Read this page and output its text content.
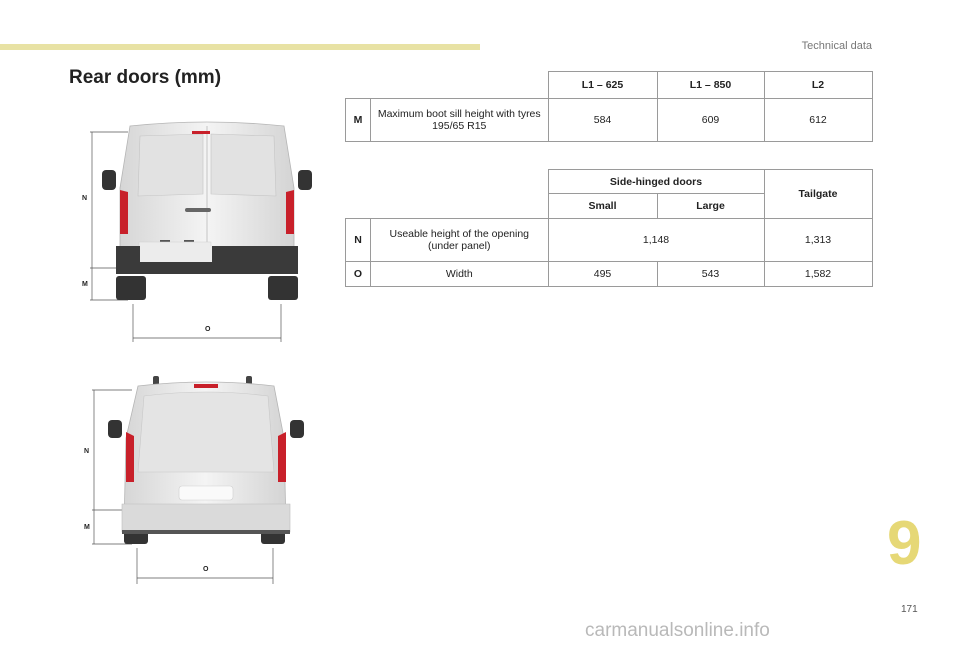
Technical data
Rear doors (mm)
			L1 – 625	L1 – 850	L2
M	Maximum boot sill height with tyres 195/65 R15	584	609	612
		Side-hinged doors		Tailgate
		Small	Large	
N	Useable height of the opening (under panel)	1,148		1,313
O	Width	495	543	1,582
N
M
O
N
M
O	9
171
carmanualsonline.info
